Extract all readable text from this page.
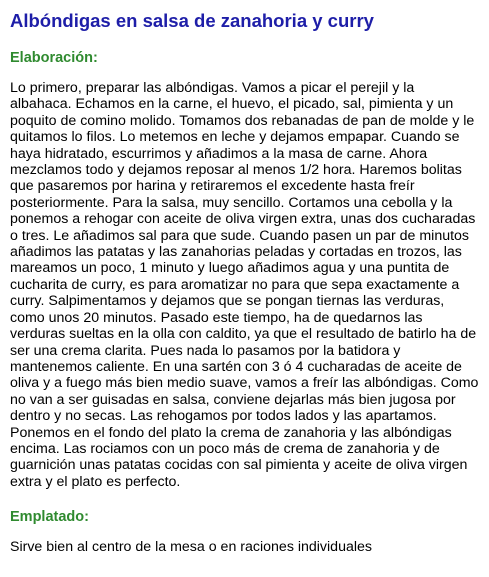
Albóndigas en salsa de zanahoria y curry
Elaboración:

Lo primero, preparar las albóndigas. Vamos a picar el perejil y la albahaca. Echamos en la carne, el huevo, el picado, sal, pimienta y un poquito de comino molido. Tomamos dos rebanadas de pan de molde y le quitamos lo filos. Lo metemos en leche y dejamos empapar. Cuando se haya hidratado, escurrimos y añadimos a la masa de carne. Ahora mezclamos todo y dejamos reposar al menos 1/2 hora. Haremos bolitas que pasaremos por harina y retiraremos el excedente hasta freír posteriormente. Para la salsa, muy sencillo. Cortamos una cebolla y la ponemos a rehogar con aceite de oliva virgen extra, unas dos cucharadas o tres. Le añadimos sal para que sude. Cuando pasen un par de minutos añadimos las patatas y las zanahorias peladas y cortadas en trozos, las mareamos un poco, 1 minuto y luego añadimos agua y una puntita de cucharita de curry, es para aromatizar no para que sepa exactamente a curry. Salpimentamos y dejamos que se pongan tiernas las verduras, como unos 20 minutos. Pasado este tiempo, ha de quedarnos las verduras sueltas en la olla con caldito, ya que el resultado de batirlo ha de ser una crema clarita. Pues nada lo pasamos por la batidora y mantenemos caliente. En una sartén con 3 ó 4 cucharadas de aceite de oliva y a fuego más bien medio suave, vamos a freír las albóndigas. Como no van a ser guisadas en salsa, conviene dejarlas más bien jugosa por dentro y no secas. Las rehogamos por todos lados y las apartamos. Ponemos en el fondo del plato la crema de zanahoria y las albóndigas encima. Las rociamos con un poco más de crema de zanahoria y de guarnición unas patatas cocidas con sal pimienta y aceite de oliva virgen extra y el plato es perfecto.

Emplatado:

Sirve bien al centro de la mesa o en raciones individuales
